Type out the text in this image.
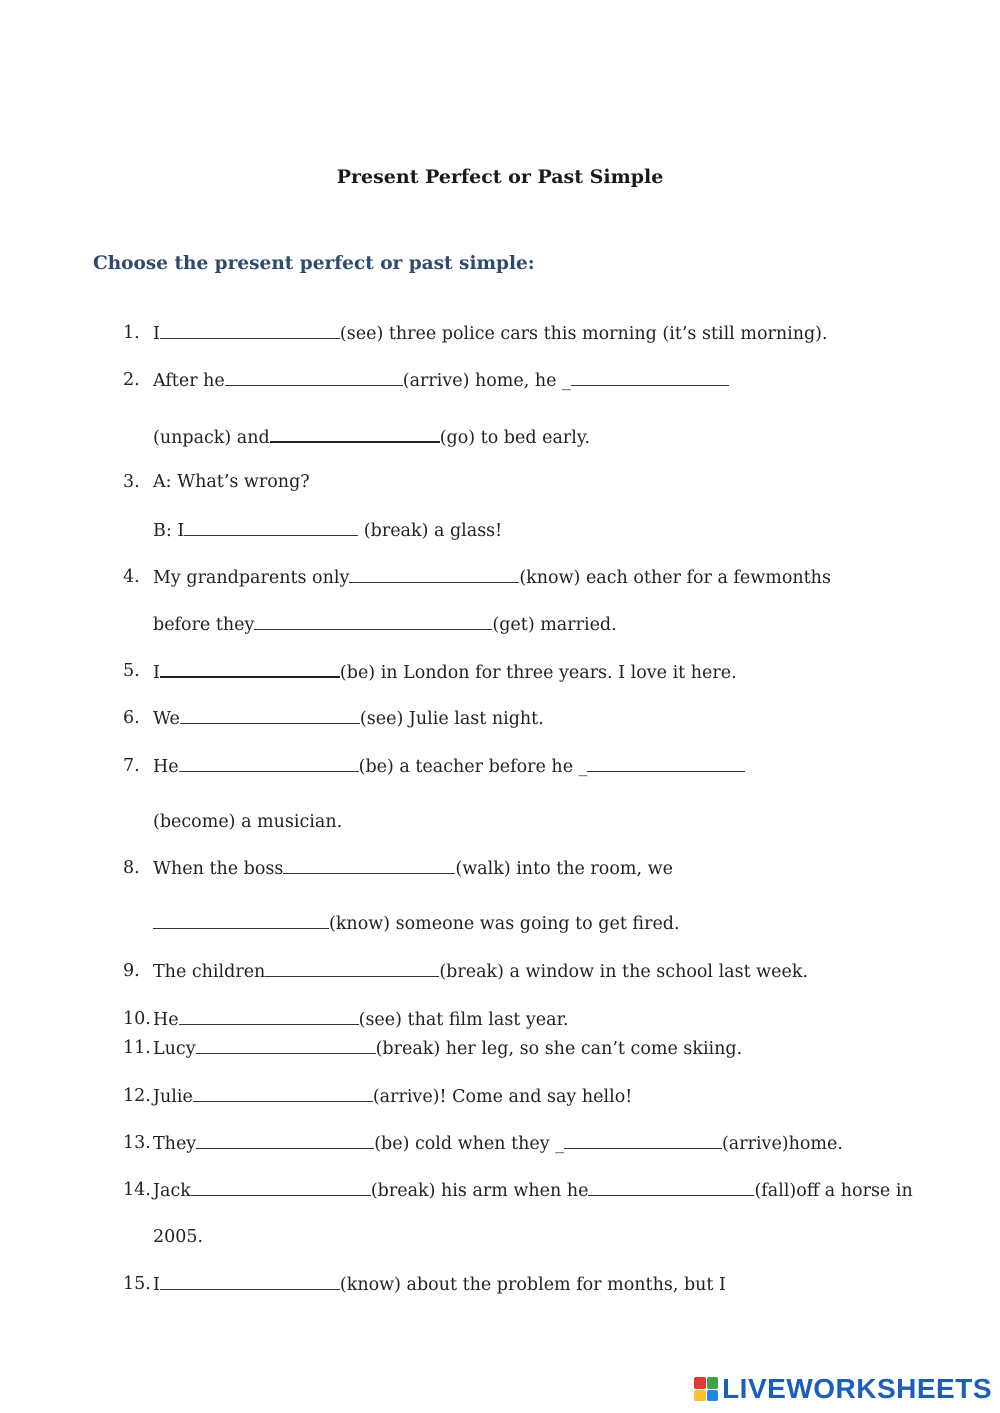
Present Perfect or Past Simple
Choose the present perfect or past simple:
1. I	(see) three police cars this morning (it’s still morning).
2. After he	(arrive) home, he _
(unpack) and	(go) to bed early.
3. A: What’s wrong?
B: I	(break) a glass!
4. My grandparents only	(know) each other for a fewmonths
before they	(get) married.
5. I	(be) in London for three years. I love it here.
6. We	(see) Julie last night.
7. He	(be) a teacher before he _
(become) a musician.
8. When the boss	(walk) into the room, we
(know) someone was going to get fired.
9. The children	(break) a window in the school last week.
10. He	(see) that film last year.
11. Lucy	(break) her leg, so she can’t come skiing.
12. Julie	(arrive)! Come and say hello!
13. They	(be) cold when they _	(arrive)home.
14. Jack	(break) his arm when he	(fall)off a horse in
2005.
15. I	(know) about the problem for months, but I
LIVEWORKSHEETS
